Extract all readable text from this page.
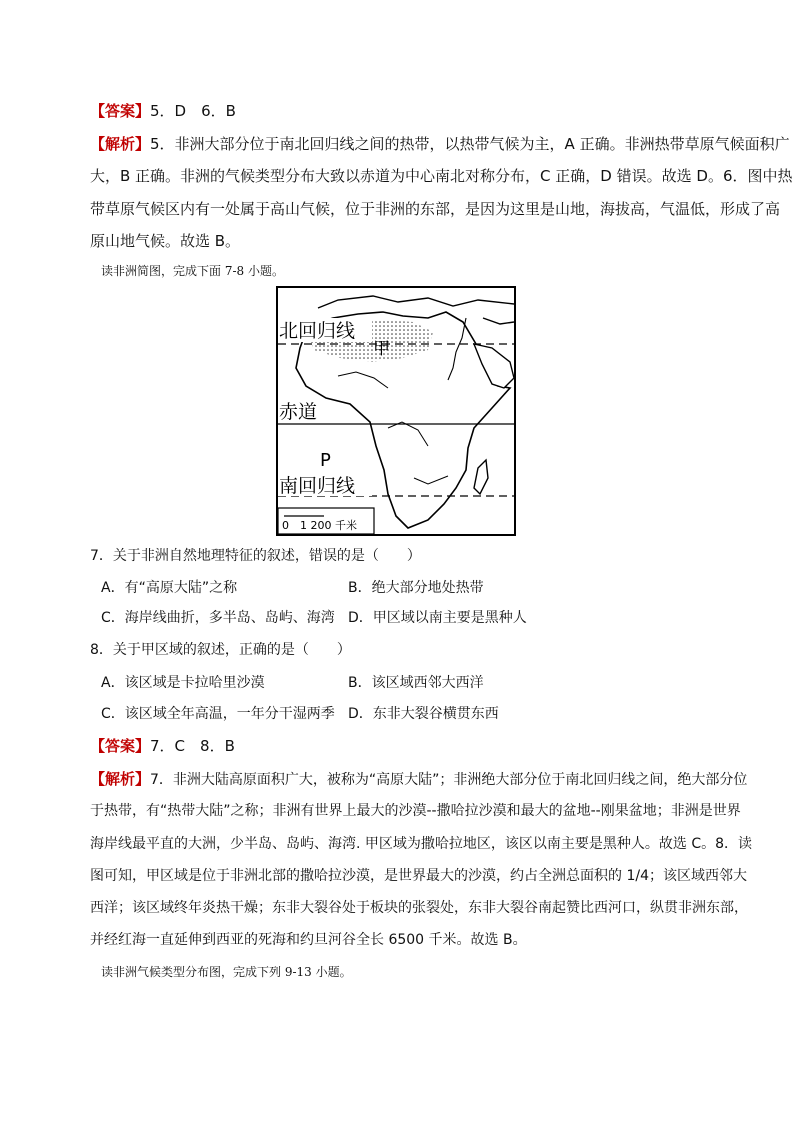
【答案】5．D　6．B
【解析】5．非洲大部分位于南北回归线之间的热带，以热带气候为主，A 正确。非洲热带草原气候面积广
大，B 正确。非洲的气候类型分布大致以赤道为中心南北对称分布，C 正确，D 错误。故选 D。6．图中热
带草原气候区内有一处属于高山气候，位于非洲的东部，是因为这里是山地，海拔高，气温低，形成了高
原山地气候。故选 B。
读非洲简图，完成下面 7-8 小题。
北回归线
甲
赤道
P
南回归线
0　1 200 千米
7．关于非洲自然地理特征的叙述，错误的是（　　）
A．有“高原大陆”之称	B．绝大部分地处热带
C．海岸线曲折，多半岛、岛屿、海湾 D．甲区域以南主要是黑种人
8．关于甲区域的叙述，正确的是（　　）
A．该区域是卡拉哈里沙漠	B．该区域西邻大西洋
C．该区域全年高温，一年分干湿两季 D．东非大裂谷横贯东西
【答案】7．C　8．B
【解析】7．非洲大陆高原面积广大，被称为“高原大陆”；非洲绝大部分位于南北回归线之间，绝大部分位
于热带，有“热带大陆”之称；非洲有世界上最大的沙漠--撒哈拉沙漠和最大的盆地--刚果盆地；非洲是世界
海岸线最平直的大洲，少半岛、岛屿、海湾. 甲区域为撒哈拉地区，该区以南主要是黑种人。故选 C。8．读
图可知，甲区域是位于非洲北部的撒哈拉沙漠，是世界最大的沙漠，约占全洲总面积的 1/4；该区域西邻大
西洋；该区域终年炎热干燥；东非大裂谷处于板块的张裂处，东非大裂谷南起赞比西河口，纵贯非洲东部，
并经红海一直延伸到西亚的死海和约旦河谷全长 6500 千米。故选 B。
读非洲气候类型分布图，完成下列 9-13 小题。
